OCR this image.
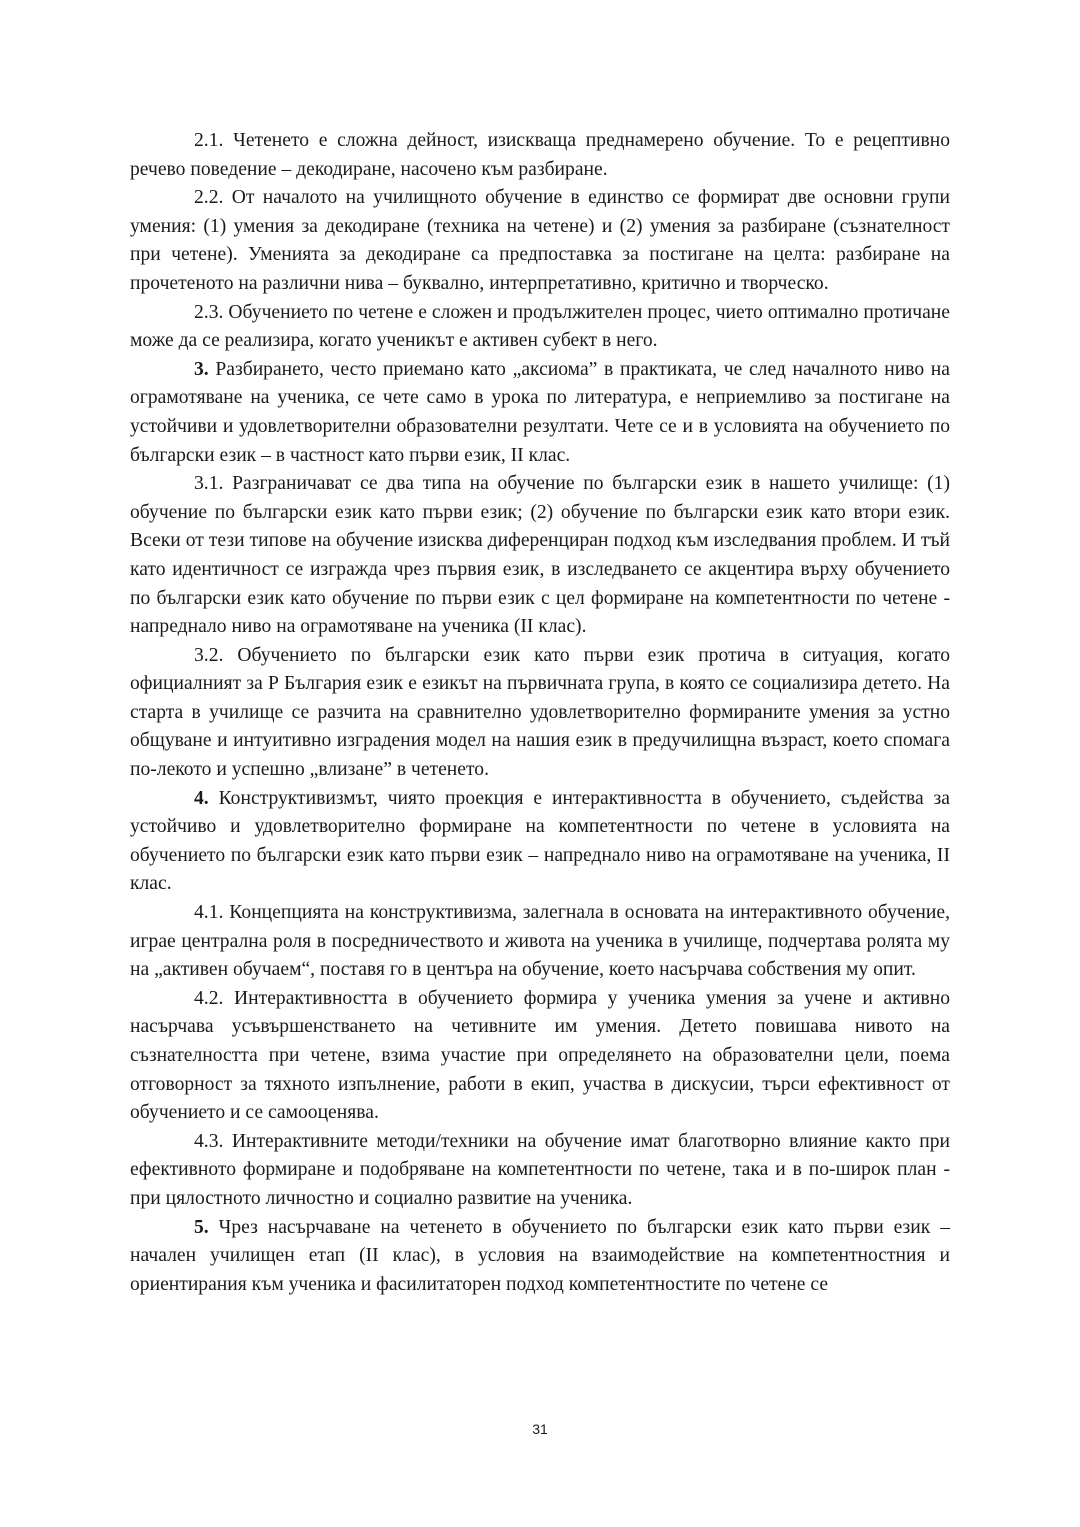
2.1. Четенето е сложна дейност, изискваща преднамерено обучение. То е рецептивно речево поведение – декодиране, насочено към разбиране.

2.2. От началото на училищното обучение в единство се формират две основни групи умения: (1) умения за декодиране (техника на четене) и (2) умения за разбиране (съзнателност при четене). Уменията за декодиране са предпоставка за постигане на целта: разбиране на прочетеното на различни нива – буквално, интерпретативно, критично и творческо.

2.3. Обучението по четене е сложен и продължителен процес, чието оптимално протичане може да се реализира, когато ученикът е активен субект в него.

3. Разбирането, често приемано като „аксиома” в практиката, че след началното ниво на ограмотяване на ученика, се чете само в урока по литература, е неприемливо за постигане на устойчиви и удовлетворителни образователни резултати. Чете се и в условията на обучението по български език – в частност като първи език, II клас.

3.1. Разграничават се два типа на обучение по български език в нашето училище: (1) обучение по български език като първи език; (2) обучение по български език като втори език. Всеки от тези типове на обучение изисква диференциран подход към изследвания проблем. И тъй като идентичност се изгражда чрез първия език, в изследването се акцентира върху обучението по български език като обучение по първи език с цел формиране на компетентности по четене - напреднало ниво на ограмотяване на ученика (II клас).

3.2. Обучението по български език като първи език протича в ситуация, когато официалният за Р България език е езикът на първичната група, в която се социализира детето. На старта в училище се разчита на сравнително удовлетворително формираните умения за устно общуване и интуитивно изградения модел на нашия език в предучилищна възраст, което спомага по-лекото и успешно „влизане” в четенето.

4. Конструктивизмът, чиято проекция е интерактивността в обучението, съдейства за устойчиво и удовлетворително формиране на компетентности по четене в условията на обучението по български език като първи език – напреднало ниво на ограмотяване на ученика, II клас.

4.1. Концепцията на конструктивизма, залегнала в основата на интерактивното обучение, играе централна роля в посредничеството и живота на ученика в училище, подчертава ролята му на „активен обучаем“, поставя го в центъра на обучение, което насърчава собствения му опит.

4.2. Интерактивността в обучението формира у ученика умения за учене и активно насърчава усъвършенстването на четивните им умения. Детето повишава нивото на съзнателността при четене, взима участие при определянето на образователни цели, поема отговорност за тяхното изпълнение, работи в екип, участва в дискусии, търси ефективност от обучението и се самооценява.

4.3. Интерактивните методи/техники на обучение имат благотворно влияние както при ефективното формиране и подобряване на компетентности по четене, така и в по-широк план - при цялостното личностно и социално развитие на ученика.

5. Чрез насърчаване на четенето в обучението по български език като първи език – начален училищен етап (II клас), в условия на взаимодействие на компетентностния и ориентирания към ученика и фасилитаторен подход компетентностите по четене се

31
